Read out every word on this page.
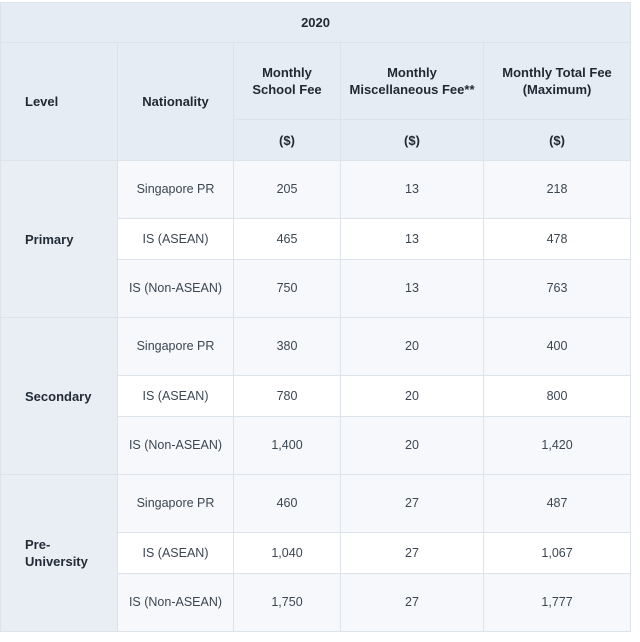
2020				
Level	Nationality	Monthly School Fee	Monthly Miscellaneous Fee**	Monthly Total Fee (Maximum)
		($)	($)	($)
Primary	Singapore PR	205	13	218
	IS (ASEAN)	465	13	478
	IS (Non-ASEAN)	750	13	763
Secondary	Singapore PR	380	20	400
	IS (ASEAN)	780	20	800
	IS (Non-ASEAN)	1,400	20	1,420
Pre-University	Singapore PR	460	27	487
	IS (ASEAN)	1,040	27	1,067
	IS (Non-ASEAN)	1,750	27	1,777
